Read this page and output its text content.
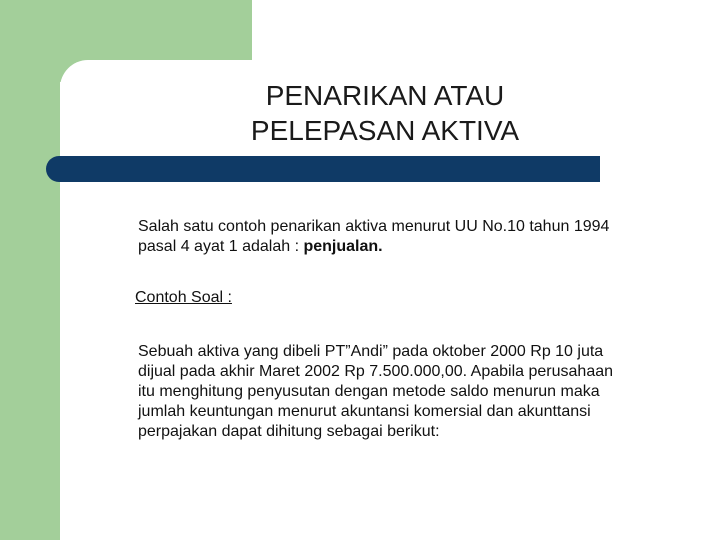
PENARIKAN ATAU
PELEPASAN AKTIVA

Salah satu contoh penarikan aktiva menurut UU No.10 tahun 1994
pasal 4 ayat 1 adalah : penjualan.

Contoh Soal :

Sebuah aktiva yang dibeli PT”Andi” pada oktober 2000 Rp 10 juta
dijual pada akhir Maret 2002 Rp 7.500.000,00. Apabila perusahaan
itu menghitung penyusutan dengan metode saldo menurun maka
jumlah keuntungan menurut akuntansi komersial dan akunttansi
perpajakan dapat dihitung sebagai berikut:
